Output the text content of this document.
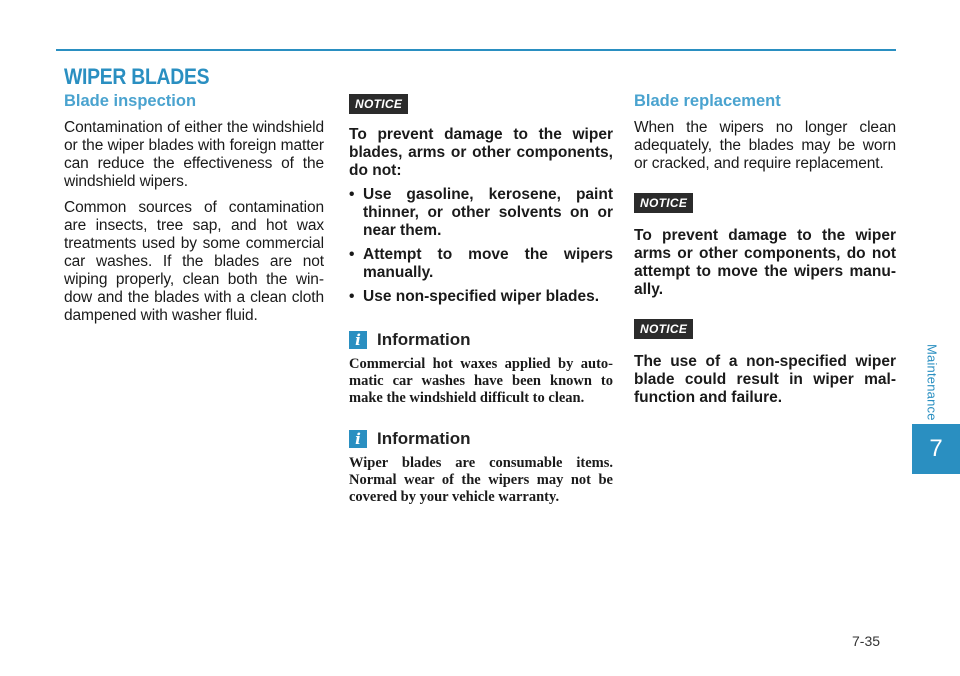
WIPER BLADES
Blade inspection

Contamination of either the windshield or the wiper blades with foreign matter can reduce the effectiveness of the windshield wipers.

Common sources of contamination are insects, tree sap, and hot wax treatments used by some commercial car washes. If the blades are not wiping properly, clean both the window and the blades with a clean cloth dampened with washer fluid.

NOTICE

To prevent damage to the wiper blades, arms or other components, do not:

• Use gasoline, kerosene, paint thinner, or other solvents on or near them.
• Attempt to move the wipers manually.
• Use non-specified wiper blades.
i Information

Commercial hot waxes applied by automatic car washes have been known to make the windshield difficult to clean.

i Information

Wiper blades are consumable items. Normal wear of the wipers may not be covered by your vehicle warranty.

Blade replacement

When the wipers no longer clean adequately, the blades may be worn or cracked, and require replacement.

NOTICE

To prevent damage to the wiper arms or other components, do not attempt to move the wipers manually.

NOTICE

The use of a non-specified wiper blade could result in wiper malfunction and failure.	Maintenance
7
7-35
